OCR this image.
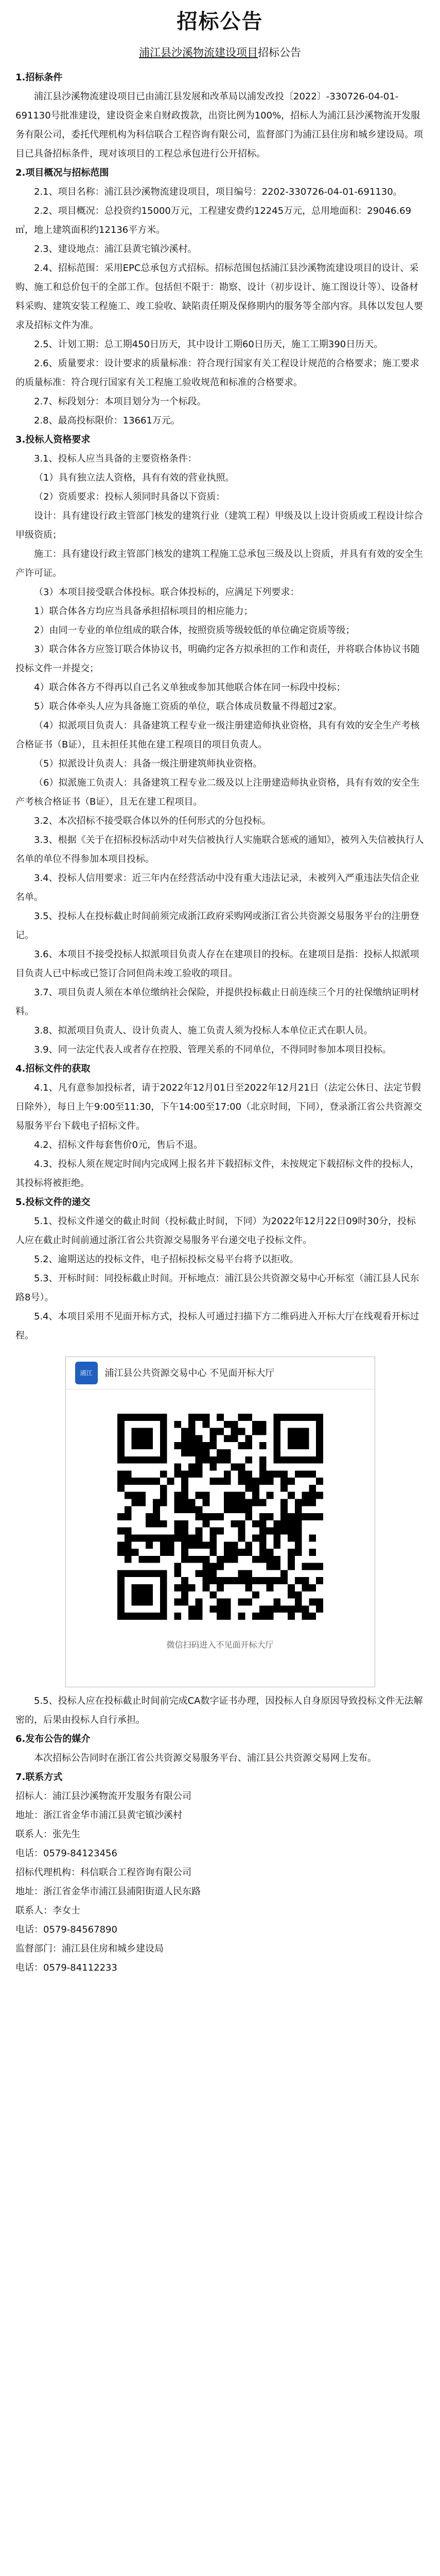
招标公告
浦江县沙溪物流建设项目招标公告

1.招标条件

浦江县沙溪物流建设项目已由浦江县发展和改革局以浦发改投〔2022〕-330726-04-01-691130号批准建设，建设资金来自财政拨款，出资比例为100%，招标人为浦江县沙溪物流开发服务有限公司，委托代理机构为科信联合工程咨询有限公司，监督部门为浦江县住房和城乡建设局。项目已具备招标条件，现对该项目的工程总承包进行公开招标。

2.项目概况与招标范围

2.1、项目名称：浦江县沙溪物流建设项目，项目编号：2202-330726-04-01-691130。

2.2、项目概况：总投资约15000万元，工程建安费约12245万元，总用地面积：29046.69㎡，地上建筑面积约12136平方米。

2.3、建设地点：浦江县黄宅镇沙溪村。

2.4、招标范围：采用EPC总承包方式招标。招标范围包括浦江县沙溪物流建设项目的设计、采购、施工和总价包干的全部工作。包括但不限于：勘察、设计（初步设计、施工图设计等）、设备材料采购、建筑安装工程施工、竣工验收、缺陷责任期及保修期内的服务等全部内容。具体以发包人要求及招标文件为准。

2.5、计划工期：总工期450日历天，其中设计工期60日历天，施工工期390日历天。

2.6、质量要求：设计要求的质量标准：符合现行国家有关工程设计规范的合格要求；施工要求的质量标准：符合现行国家有关工程施工验收规范和标准的合格要求。

2.7、标段划分：本项目划分为一个标段。

2.8、最高投标限价：13661万元。

3.投标人资格要求

3.1、投标人应当具备的主要资格条件：

（1）具有独立法人资格，具有有效的营业执照。

（2）资质要求：投标人须同时具备以下资质：

设计：具有建设行政主管部门核发的建筑行业（建筑工程）甲级及以上设计资质或工程设计综合甲级资质；

施工：具有建设行政主管部门核发的建筑工程施工总承包三级及以上资质，并具有有效的安全生产许可证。

（3）本项目接受联合体投标。联合体投标的，应满足下列要求：

1）联合体各方均应当具备承担招标项目的相应能力；

2）由同一专业的单位组成的联合体，按照资质等级较低的单位确定资质等级；

3）联合体各方应签订联合体协议书，明确约定各方拟承担的工作和责任，并将联合体协议书随投标文件一并提交；

4）联合体各方不得再以自己名义单独或参加其他联合体在同一标段中投标；

5）联合体牵头人应为具备施工资质的单位，联合体成员数量不得超过2家。

（4）拟派项目负责人：具备建筑工程专业一级注册建造师执业资格，具有有效的安全生产考核合格证书（B证），且未担任其他在建工程项目的项目负责人。

（5）拟派设计负责人：具备一级注册建筑师执业资格。

（6）拟派施工负责人：具备建筑工程专业二级及以上注册建造师执业资格，具有有效的安全生产考核合格证书（B证），且无在建工程项目。

3.2、本次招标不接受联合体以外的任何形式的分包投标。

3.3、根据《关于在招标投标活动中对失信被执行人实施联合惩戒的通知》，被列入失信被执行人名单的单位不得参加本项目投标。

3.4、投标人信用要求：近三年内在经营活动中没有重大违法记录，未被列入严重违法失信企业名单。

3.5、投标人在投标截止时间前须完成浙江政府采购网或浙江省公共资源交易服务平台的注册登记。

3.6、本项目不接受投标人拟派项目负责人存在在建项目的投标。在建项目是指：投标人拟派项目负责人已中标或已签订合同但尚未竣工验收的项目。

3.7、项目负责人须在本单位缴纳社会保险，并提供投标截止日前连续三个月的社保缴纳证明材料。

3.8、拟派项目负责人、设计负责人、施工负责人须为投标人本单位正式在职人员。

3.9、同一法定代表人或者存在控股、管理关系的不同单位，不得同时参加本项目投标。

4.招标文件的获取

4.1、凡有意参加投标者，请于2022年12月01日至2022年12月21日（法定公休日、法定节假日除外），每日上午9:00至11:30，下午14:00至17:00（北京时间，下同），登录浙江省公共资源交易服务平台下载电子招标文件。

4.2、招标文件每套售价0元，售后不退。

4.3、投标人须在规定时间内完成网上报名并下载招标文件，未按规定下载招标文件的投标人，其投标将被拒绝。

5.投标文件的递交

5.1、投标文件递交的截止时间（投标截止时间，下同）为2022年12月22日09时30分，投标人应在截止时间前通过浙江省公共资源交易服务平台递交电子投标文件。

5.2、逾期送达的投标文件，电子招标投标交易平台将予以拒收。

5.3、开标时间：同投标截止时间。开标地点：浦江县公共资源交易中心开标室（浦江县人民东路8号）。

5.4、本项目采用不见面开标方式，投标人可通过扫描下方二维码进入开标大厅在线观看开标过程。

浦江	浦江县公共资源交易中心 不见面开标大厅
微信扫码进入不见面开标大厅

5.5、投标人应在投标截止时间前完成CA数字证书办理，因投标人自身原因导致投标文件无法解密的，后果由投标人自行承担。

6.发布公告的媒介

本次招标公告同时在浙江省公共资源交易服务平台、浦江县公共资源交易网上发布。

7.联系方式

招标人：浦江县沙溪物流开发服务有限公司

地址：浙江省金华市浦江县黄宅镇沙溪村

联系人：张先生

电话：0579-84123456

招标代理机构：科信联合工程咨询有限公司

地址：浙江省金华市浦江县浦阳街道人民东路

联系人：李女士

电话：0579-84567890

监督部门：浦江县住房和城乡建设局

电话：0579-84112233
